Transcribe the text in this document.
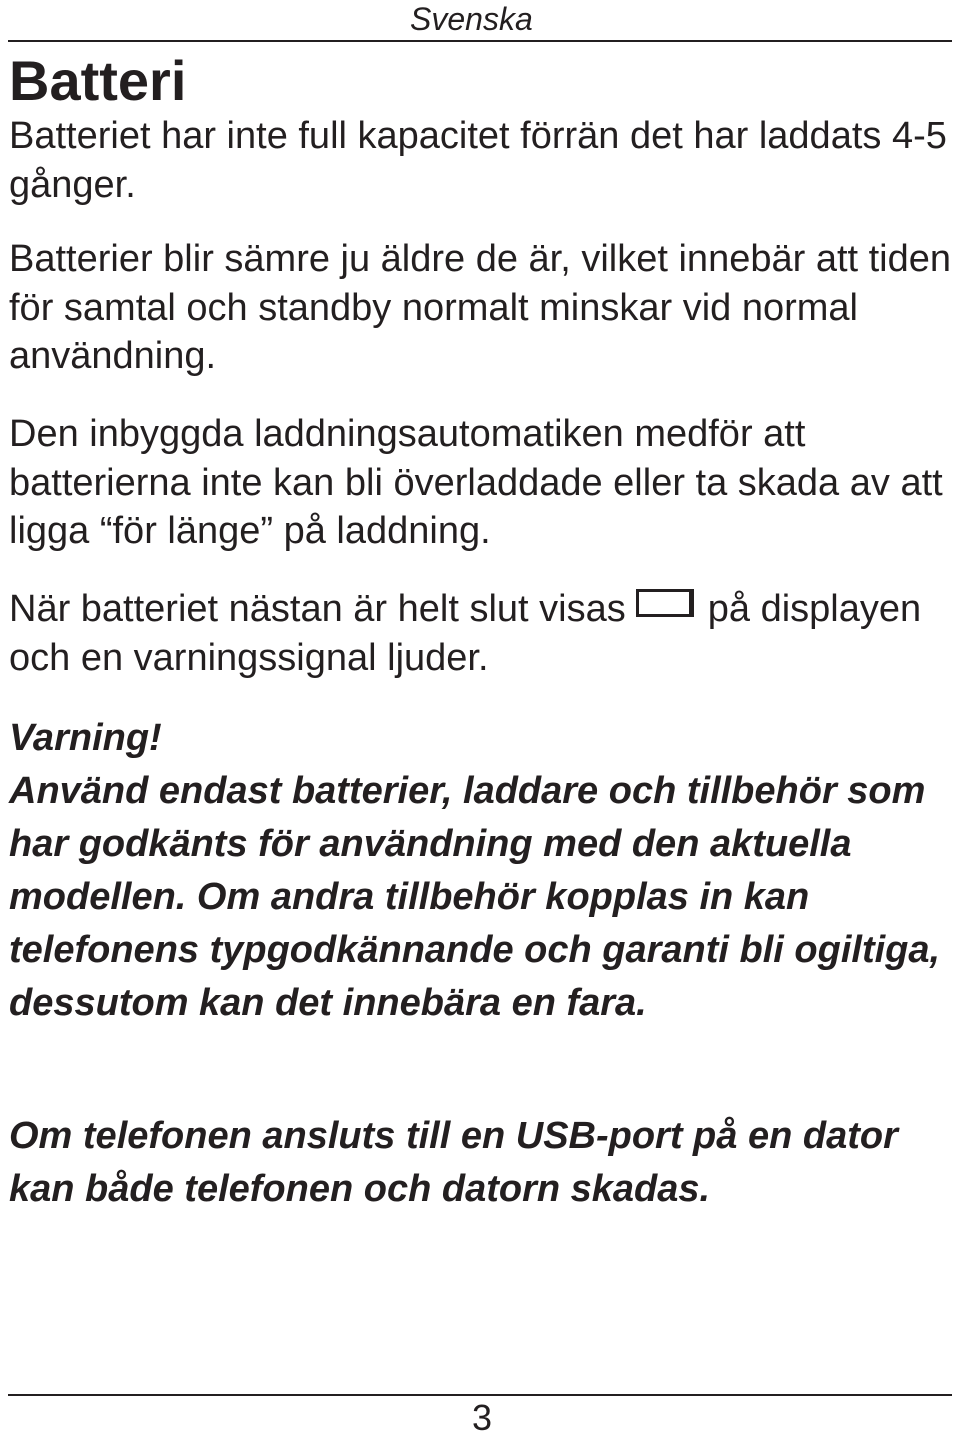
Svenska
Batteri

Batteriet har inte full kapacitet förrän det har laddats 4-5 gånger.

Batterier blir sämre ju äldre de är, vilket innebär att tiden för samtal och standby normalt minskar vid normal användning.

Den inbyggda laddningsautomatiken medför att batterierna inte kan bli överladdade eller ta skada av att ligga “för länge” på laddning.

När batteriet nästan är helt slut visas på displayen och en varningssignal ljuder.

Varning!

Använd endast batterier, laddare och tillbehör som har godkänts för användning med den aktuella modellen. Om andra tillbehör kopplas in kan telefonens typgodkännande och garanti bli ogiltiga, dessutom kan det innebära en fara.

Om telefonen ansluts till en USB-port på en dator kan både telefonen och datorn skadas.

3
